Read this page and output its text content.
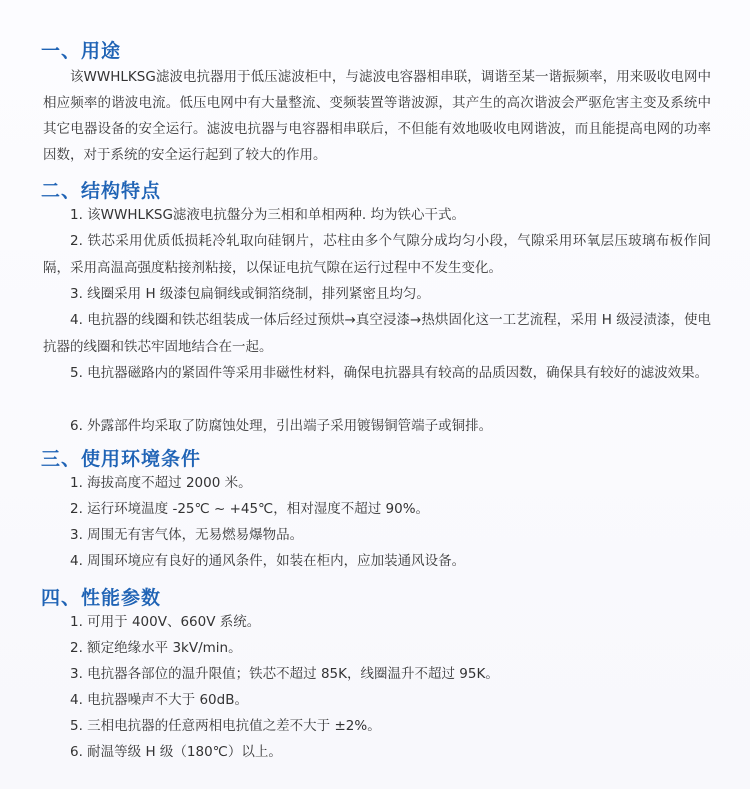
一、用途

该WWHLKSG滤波电抗器用于低压滤波柜中，与滤波电容器相串联，调谐至某一谐振频率，用来吸收电网中相应频率的谐波电流。低压电网中有大量整流、变频装置等谐波源，其产生的高次谐波会严驱危害主变及系统中其它电器设备的安全运行。滤波电抗器与电容器相串联后，不但能有效地吸收电网谐波，而且能提高电网的功率因数，对于系统的安全运行起到了较大的作用。

二、结构特点
1. 该WWHLKSG滤液电抗盤分为三相和单相两种. 均为铁心干式。
2. 铁芯采用优质低损耗冷轧取向硅钢片，芯柱由多个气隙分成均匀小段，气隙采用环氧层压玻璃布板作间隔，采用高温高强度粘接剂粘接，以保证电抗气隙在运行过程中不发生变化。
3. 线圈采用 H 级漆包扁铜线或铜箔绕制，排列紧密且均匀。
4. 电抗器的线圈和铁芯组装成一体后经过预烘→真空浸漆→热烘固化这一工艺流程，采用 H 级浸渍漆，使电抗器的线圈和铁芯牢固地结合在一起。
5. 电抗器磁路内的紧固件等采用非磁性材料，确保电抗器具有较高的品质因数，确保具有较好的滤波效果。
6. 外露部件均采取了防腐蚀处理，引出端子采用镀锡铜管端子或铜排。
三、使用环境条件
1. 海拔高度不超过 2000 米。
2. 运行环境温度 -25℃ ~ +45℃，相对湿度不超过 90%。
3. 周围无有害气体，无易燃易爆物品。
4. 周围环境应有良好的通风条件，如装在柜内，应加装通风设备。
四、性能参数
1. 可用于 400V、660V 系统。
2. 额定绝缘水平 3kV/min。
3. 电抗器各部位的温升限值；铁芯不超过 85K，线圈温升不超过 95K。
4. 电抗器噪声不大于 60dB。
5. 三相电抗器的任意两相电抗值之差不大于 ±2%。
6. 耐温等级 H 级（180℃）以上。
